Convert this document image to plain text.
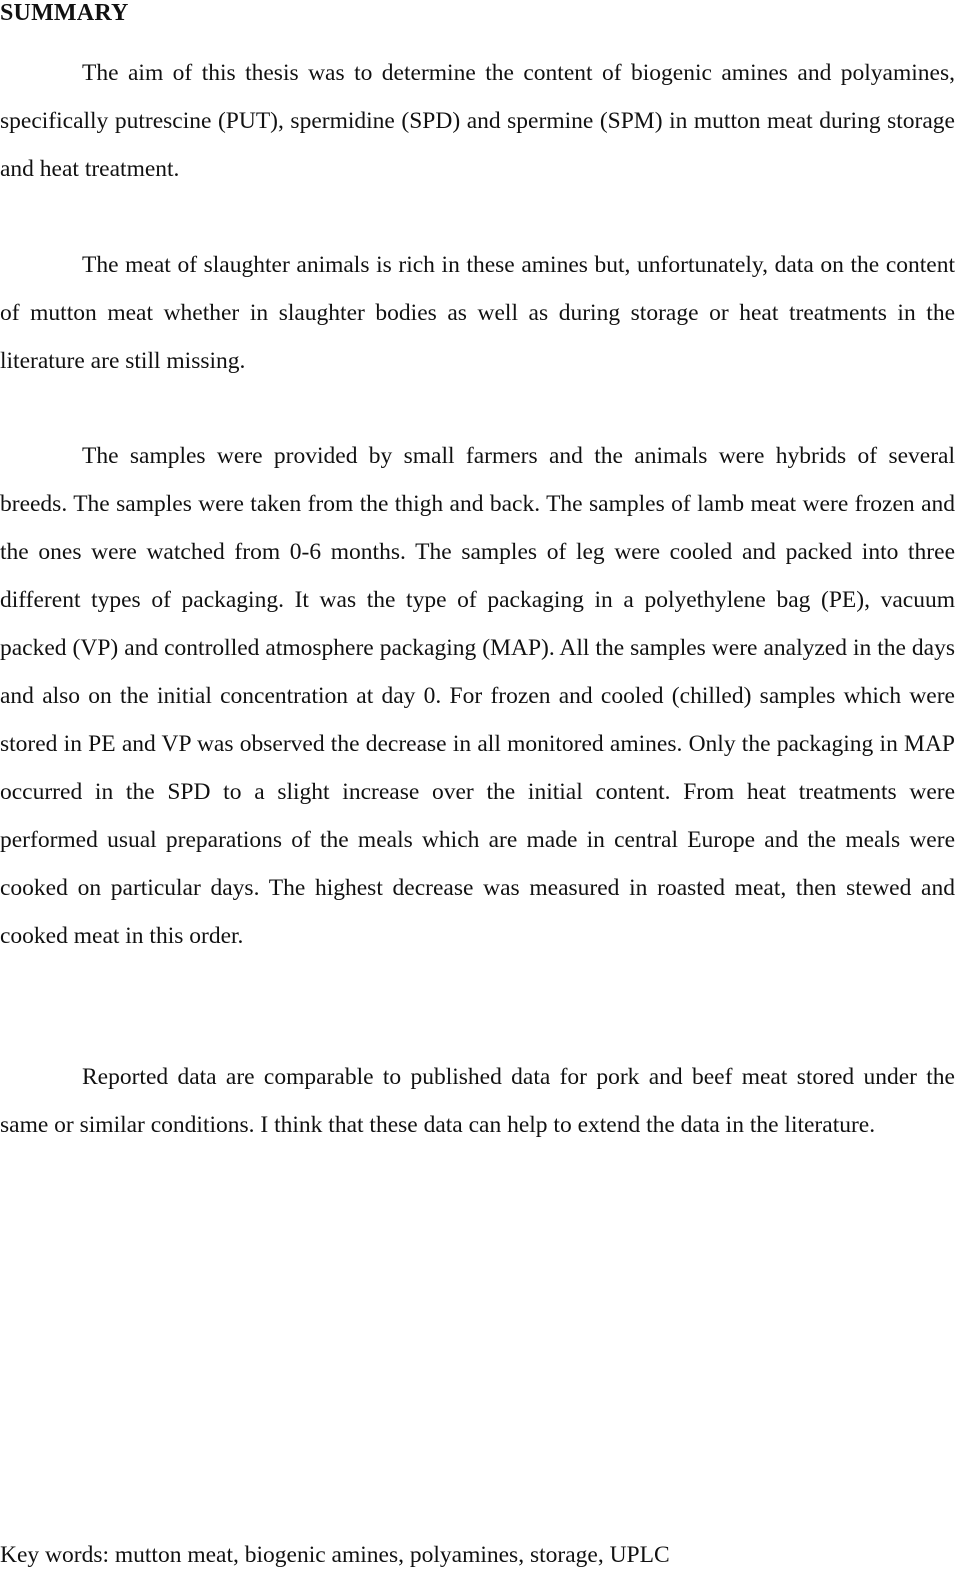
SUMMARY

The aim of this thesis was to determine the content of biogenic amines and polyamines, specifically putrescine (PUT), spermidine (SPD) and spermine (SPM) in mutton meat during storage and heat treatment.

The meat of slaughter animals is rich in these amines but, unfortunately, data on the content of mutton meat whether in slaughter bodies as well as during storage or heat treatments in the literature are still missing.

The samples were provided by small farmers and the animals were hybrids of several breeds. The samples were taken from the thigh and back. The samples of lamb meat were frozen and the ones were watched from 0-6 months. The samples of leg were cooled and packed into three different types of packaging. It was the type of packaging in a polyethylene bag (PE), vacuum packed (VP) and controlled atmosphere packaging (MAP). All the samples were analyzed in the days and also on the initial concentration at day 0. For frozen and cooled (chilled) samples which were stored in PE and VP was observed the decrease in all monitored amines. Only the packaging in MAP occurred in the SPD to a slight increase over the initial content. From heat treatments were performed usual preparations of the meals which are made in central Europe and the meals were cooked on particular days. The highest decrease was measured in roasted meat, then stewed and cooked meat in this order.

Reported data are comparable to published data for pork and beef meat stored under the same or similar conditions. I think that these data can help to extend the data in the literature.

Key words: mutton meat, biogenic amines, polyamines, storage, UPLC
